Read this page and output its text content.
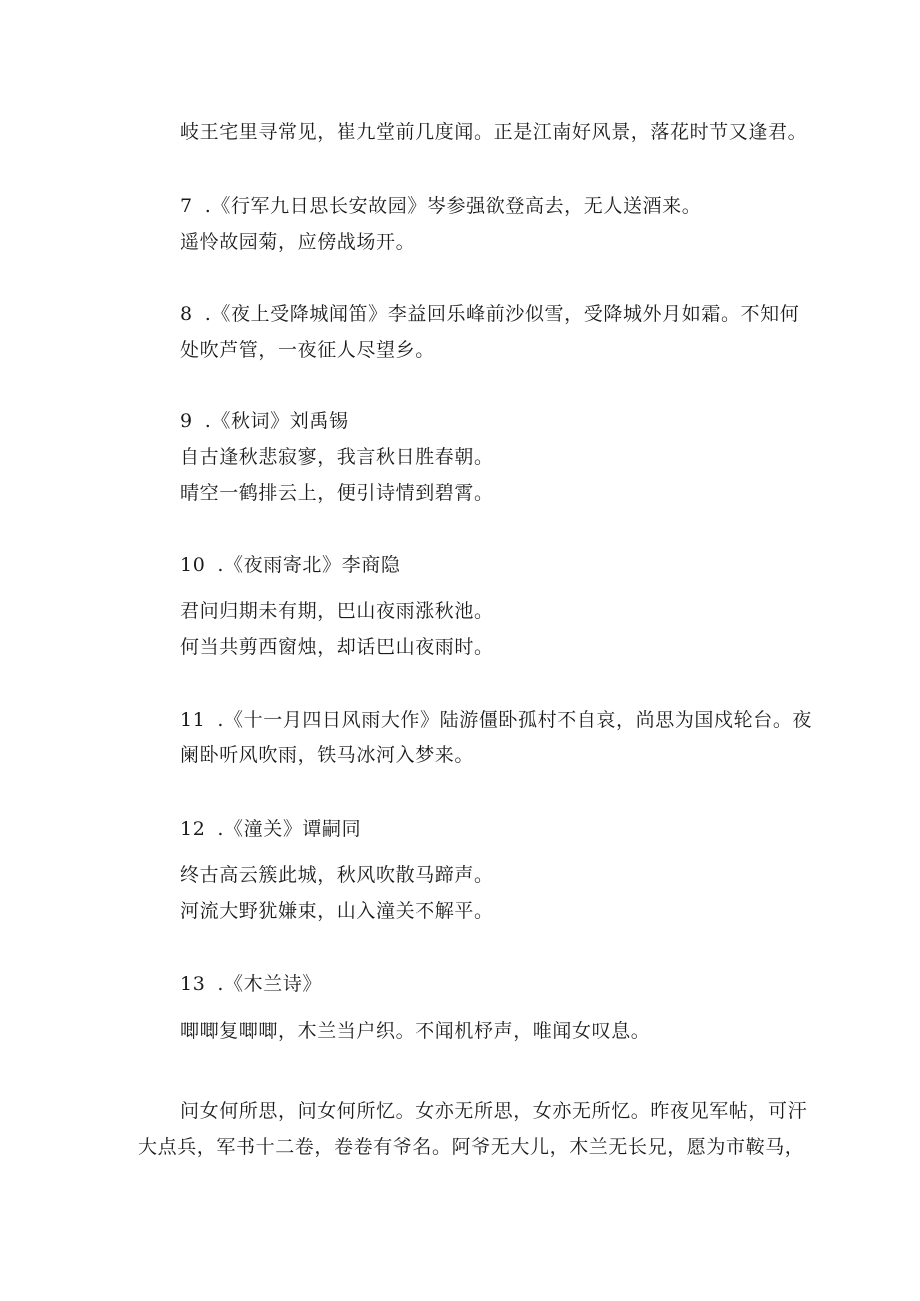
岐王宅里寻常见，崔九堂前几度闻。正是江南好风景，落花时节又逢君。

7 .《行军九日思长安故园》岑参强欲登高去，无人送酒来。

遥怜故园菊，应傍战场开。

8 .《夜上受降城闻笛》李益回乐峰前沙似雪，受降城外月如霜。不知何

处吹芦管，一夜征人尽望乡。

9 .《秋词》刘禹锡

自古逢秋悲寂寥，我言秋日胜春朝。

晴空一鹤排云上，便引诗情到碧霄。

10 .《夜雨寄北》李商隐

君问归期未有期，巴山夜雨涨秋池。

何当共剪西窗烛，却话巴山夜雨时。

11 .《十一月四日风雨大作》陆游僵卧孤村不自哀，尚思为国戍轮台。夜

阑卧听风吹雨，铁马冰河入梦来。

12 .《潼关》谭嗣同

终古高云簇此城，秋风吹散马蹄声。

河流大野犹嫌束，山入潼关不解平。

13 .《木兰诗》

唧唧复唧唧，木兰当户织。不闻机杼声，唯闻女叹息。

问女何所思，问女何所忆。女亦无所思，女亦无所忆。昨夜见军帖，可汗

大点兵，军书十二卷，卷卷有爷名。阿爷无大儿，木兰无长兄，愿为市鞍马，
